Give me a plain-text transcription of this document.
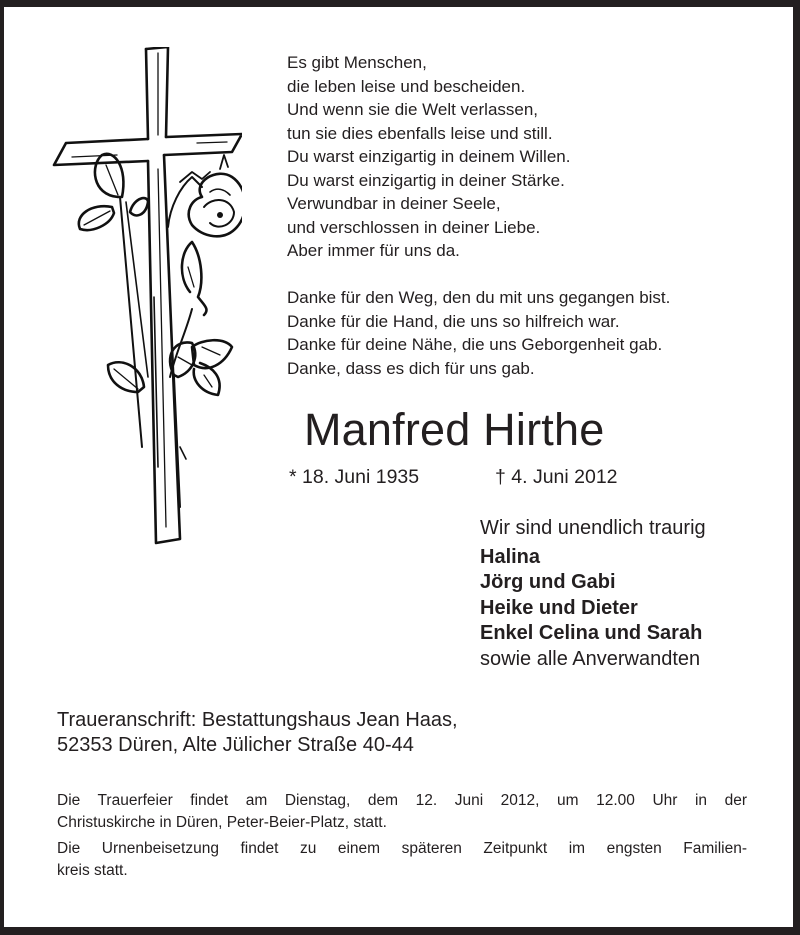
Es gibt Menschen,
die leben leise und bescheiden.
Und wenn sie die Welt verlassen,
tun sie dies ebenfalls leise und still.
Du warst einzigartig in deinem Willen.
Du warst einzigartig in deiner Stärke.
Verwundbar in deiner Seele,
und verschlossen in deiner Liebe.
Aber immer für uns da.
Danke für den Weg, den du mit uns gegangen bist.
Danke für die Hand, die uns so hilfreich war.
Danke für deine Nähe, die uns Geborgenheit gab.
Danke, dass es dich für uns gab.
Manfred Hirthe
* 18. Juni 1935	† 4. Juni 2012
Wir sind unendlich traurig
Halina
Jörg und Gabi
Heike und Dieter
Enkel Celina und Sarah
sowie alle Anverwandten
Traueranschrift: Bestattungshaus Jean Haas,
52353 Düren, Alte Jülicher Straße 40-44

Die Trauerfeier findet am Dienstag, dem 12. Juni 2012, um 12.00 Uhr in der
Christuskirche in Düren, Peter-Beier-Platz, statt.

Die Urnenbeisetzung findet zu einem späteren Zeitpunkt im engsten Familien-
kreis statt.
